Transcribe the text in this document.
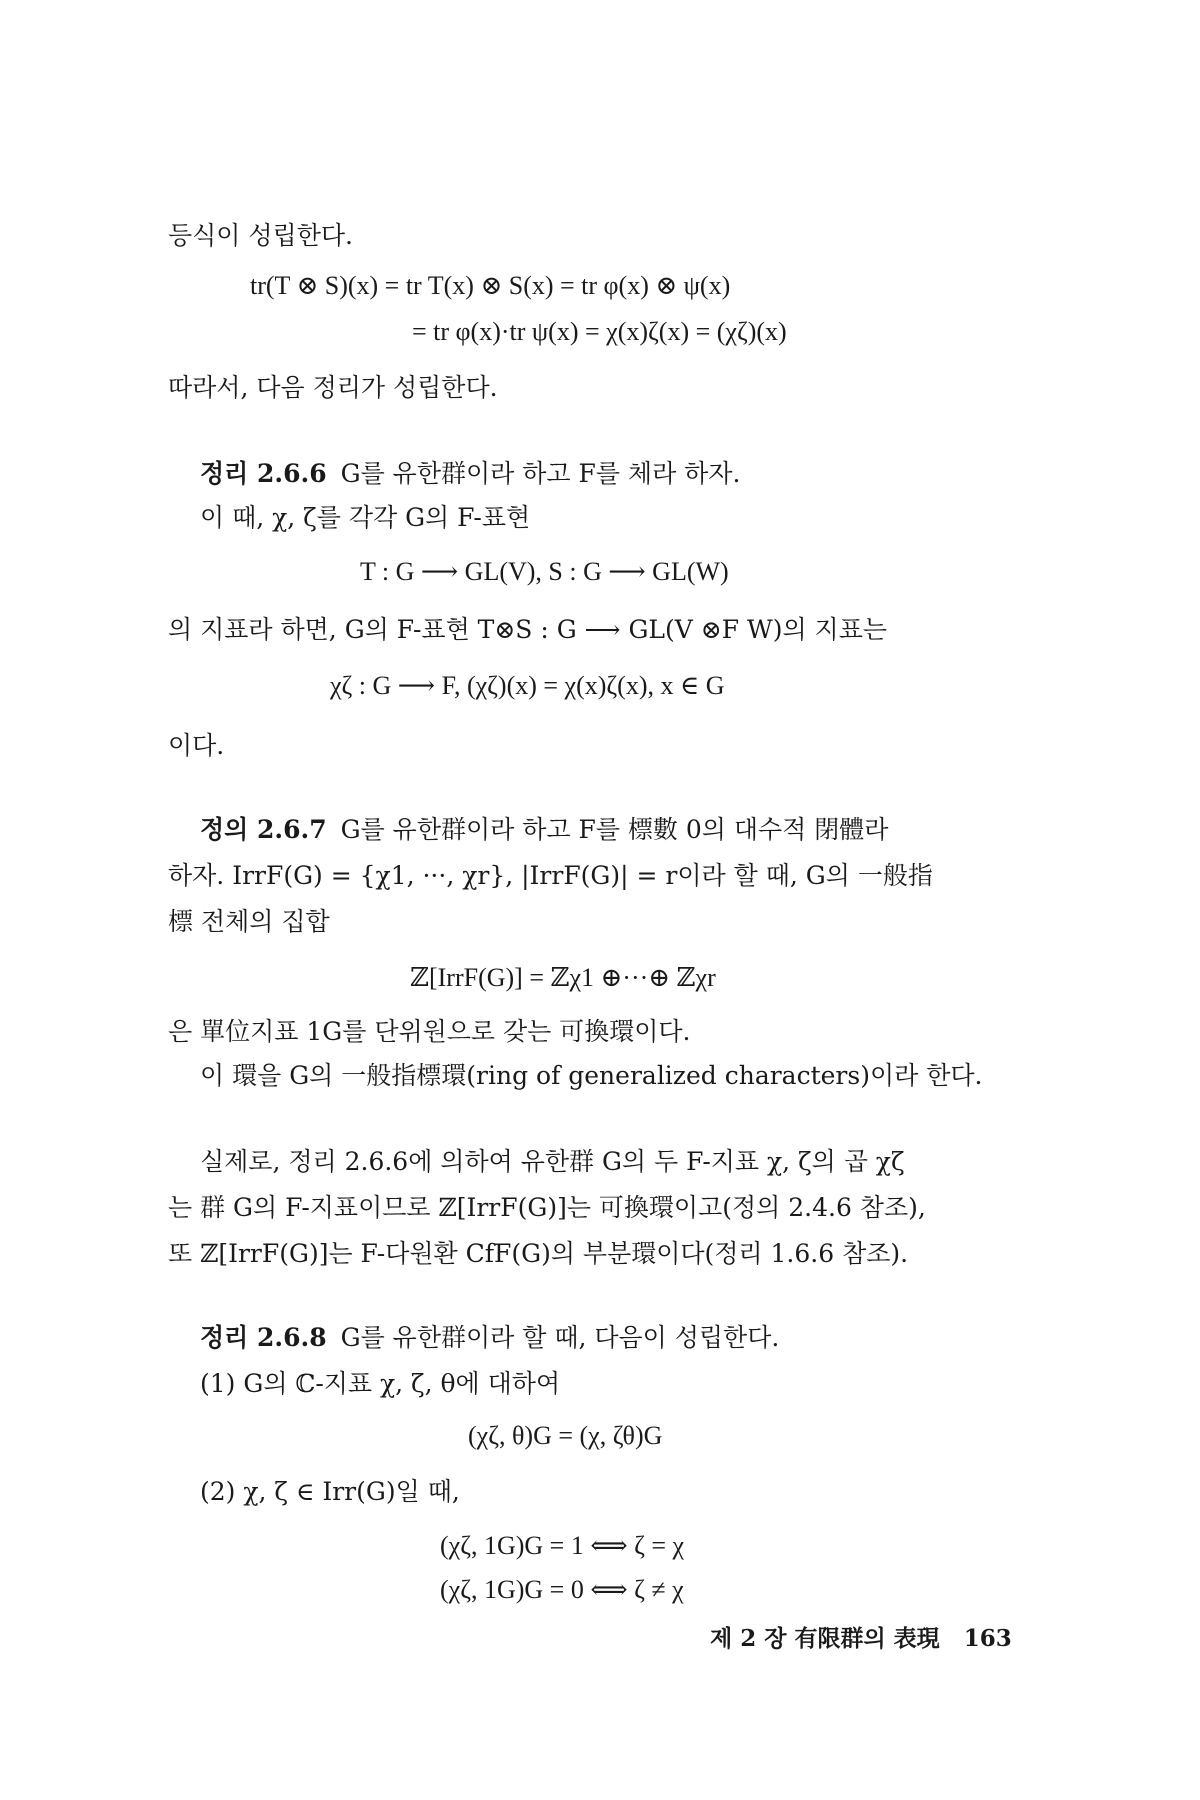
등식이 성립한다.
tr(T ⊗ S)(x) = tr T(x) ⊗ S(x) = tr φ(x) ⊗ ψ(x)
= tr φ(x)·tr ψ(x) = χ(x)ζ(x) = (χζ)(x)
따라서, 다음 정리가 성립한다.
정리 2.6.6 G를 유한群이라 하고 F를 체라 하자.
이 때, χ, ζ를 각각 G의 F-표현
T : G ⟶ GL(V), S : G ⟶ GL(W)
의 지표라 하면, G의 F-표현 T⊗S : G ⟶ GL(V ⊗F W)의 지표는
χζ : G ⟶ F, (χζ)(x) = χ(x)ζ(x), x ∈ G
이다.
정의 2.6.7 G를 유한群이라 하고 F를 標數 0의 대수적 閉體라
하자. IrrF(G) = {χ1, ···, χr}, |IrrF(G)| = r이라 할 때, G의 一般指
標 전체의 집합
ℤ[IrrF(G)] = ℤχ1 ⊕···⊕ ℤχr
은 單位지표 1G를 단위원으로 갖는 可換環이다.
이 環을 G의 一般指標環(ring of generalized characters)이라 한다.
실제로, 정리 2.6.6에 의하여 유한群 G의 두 F-지표 χ, ζ의 곱 χζ
는 群 G의 F-지표이므로 ℤ[IrrF(G)]는 可換環이고(정의 2.4.6 참조),
또 ℤ[IrrF(G)]는 F-다원환 CfF(G)의 부분環이다(정리 1.6.6 참조).
정리 2.6.8 G를 유한群이라 할 때, 다음이 성립한다.
(1) G의 ℂ-지표 χ, ζ, θ에 대하여
(χζ, θ)G = (χ, ζθ)G
(2) χ, ζ ∈ Irr(G)일 때,
(χζ, 1G)G = 1 ⟺ ζ = χ
(χζ, 1G)G = 0 ⟺ ζ ≠ χ
제 2 장 有限群의 表現 163
